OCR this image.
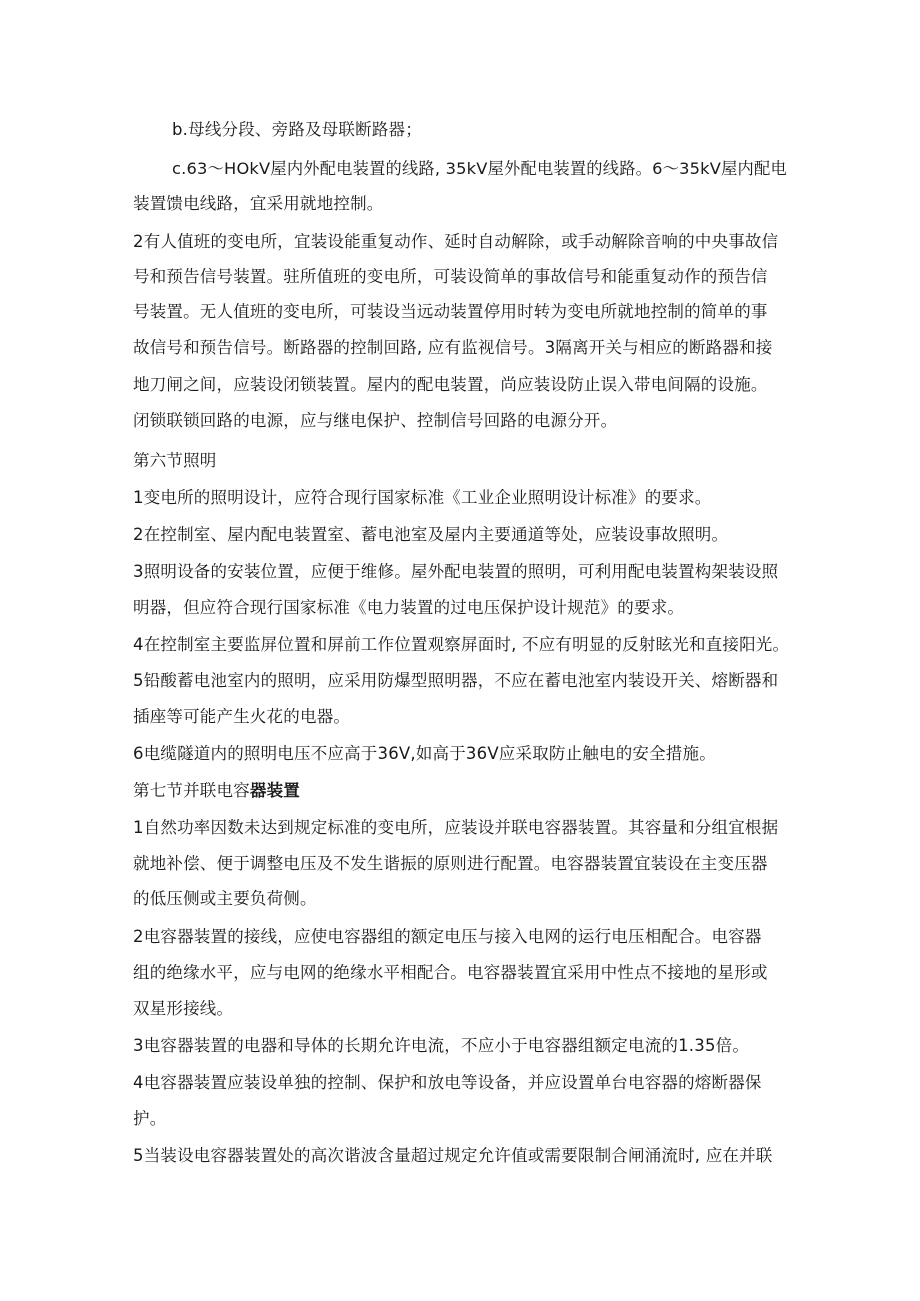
b.母线分段、旁路及母联断路器；
c.63～HOkV屋内外配电装置的线路, 35kV屋外配电装置的线路。6～35kV屋内配电
装置馈电线路，宜采用就地控制。
2有人值班的变电所，宜装设能重复动作、延时自动解除，或手动解除音响的中央事故信
号和预告信号装置。驻所值班的变电所，可装设简单的事故信号和能重复动作的预告信
号装置。无人值班的变电所，可装设当远动装置停用时转为变电所就地控制的简单的事
故信号和预告信号。断路器的控制回路, 应有监视信号。3隔离开关与相应的断路器和接
地刀闸之间，应装设闭锁装置。屋内的配电装置，尚应装设防止误入带电间隔的设施。
闭锁联锁回路的电源，应与继电保护、控制信号回路的电源分开。
第六节照明
1变电所的照明设计，应符合现行国家标准《工业企业照明设计标准》的要求。
2在控制室、屋内配电装置室、蓄电池室及屋内主要通道等处，应装设事故照明。
3照明设备的安装位置，应便于维修。屋外配电装置的照明，可利用配电装置构架装设照
明器，但应符合现行国家标准《电力装置的过电压保护设计规范》的要求。
4在控制室主要监屏位置和屏前工作位置观察屏面时, 不应有明显的反射眩光和直接阳光。
5铅酸蓄电池室内的照明，应采用防爆型照明器，不应在蓄电池室内装设开关、熔断器和
插座等可能产生火花的电器。
6电缆隧道内的照明电压不应高于36V,如高于36V应采取防止触电的安全措施。
第七节并联电容器装置
1自然功率因数未达到规定标准的变电所，应装设并联电容器装置。其容量和分组宜根据
就地补偿、便于调整电压及不发生谐振的原则进行配置。电容器装置宜装设在主变压器
的低压侧或主要负荷侧。
2电容器装置的接线，应使电容器组的额定电压与接入电网的运行电压相配合。电容器
组的绝缘水平，应与电网的绝缘水平相配合。电容器装置宜采用中性点不接地的星形或
双星形接线。
3电容器装置的电器和导体的长期允许电流，不应小于电容器组额定电流的1.35倍。
4电容器装置应装设单独的控制、保护和放电等设备，并应设置单台电容器的熔断器保
护。
5当装设电容器装置处的高次谐波含量超过规定允许值或需要限制合闸涌流时, 应在并联
